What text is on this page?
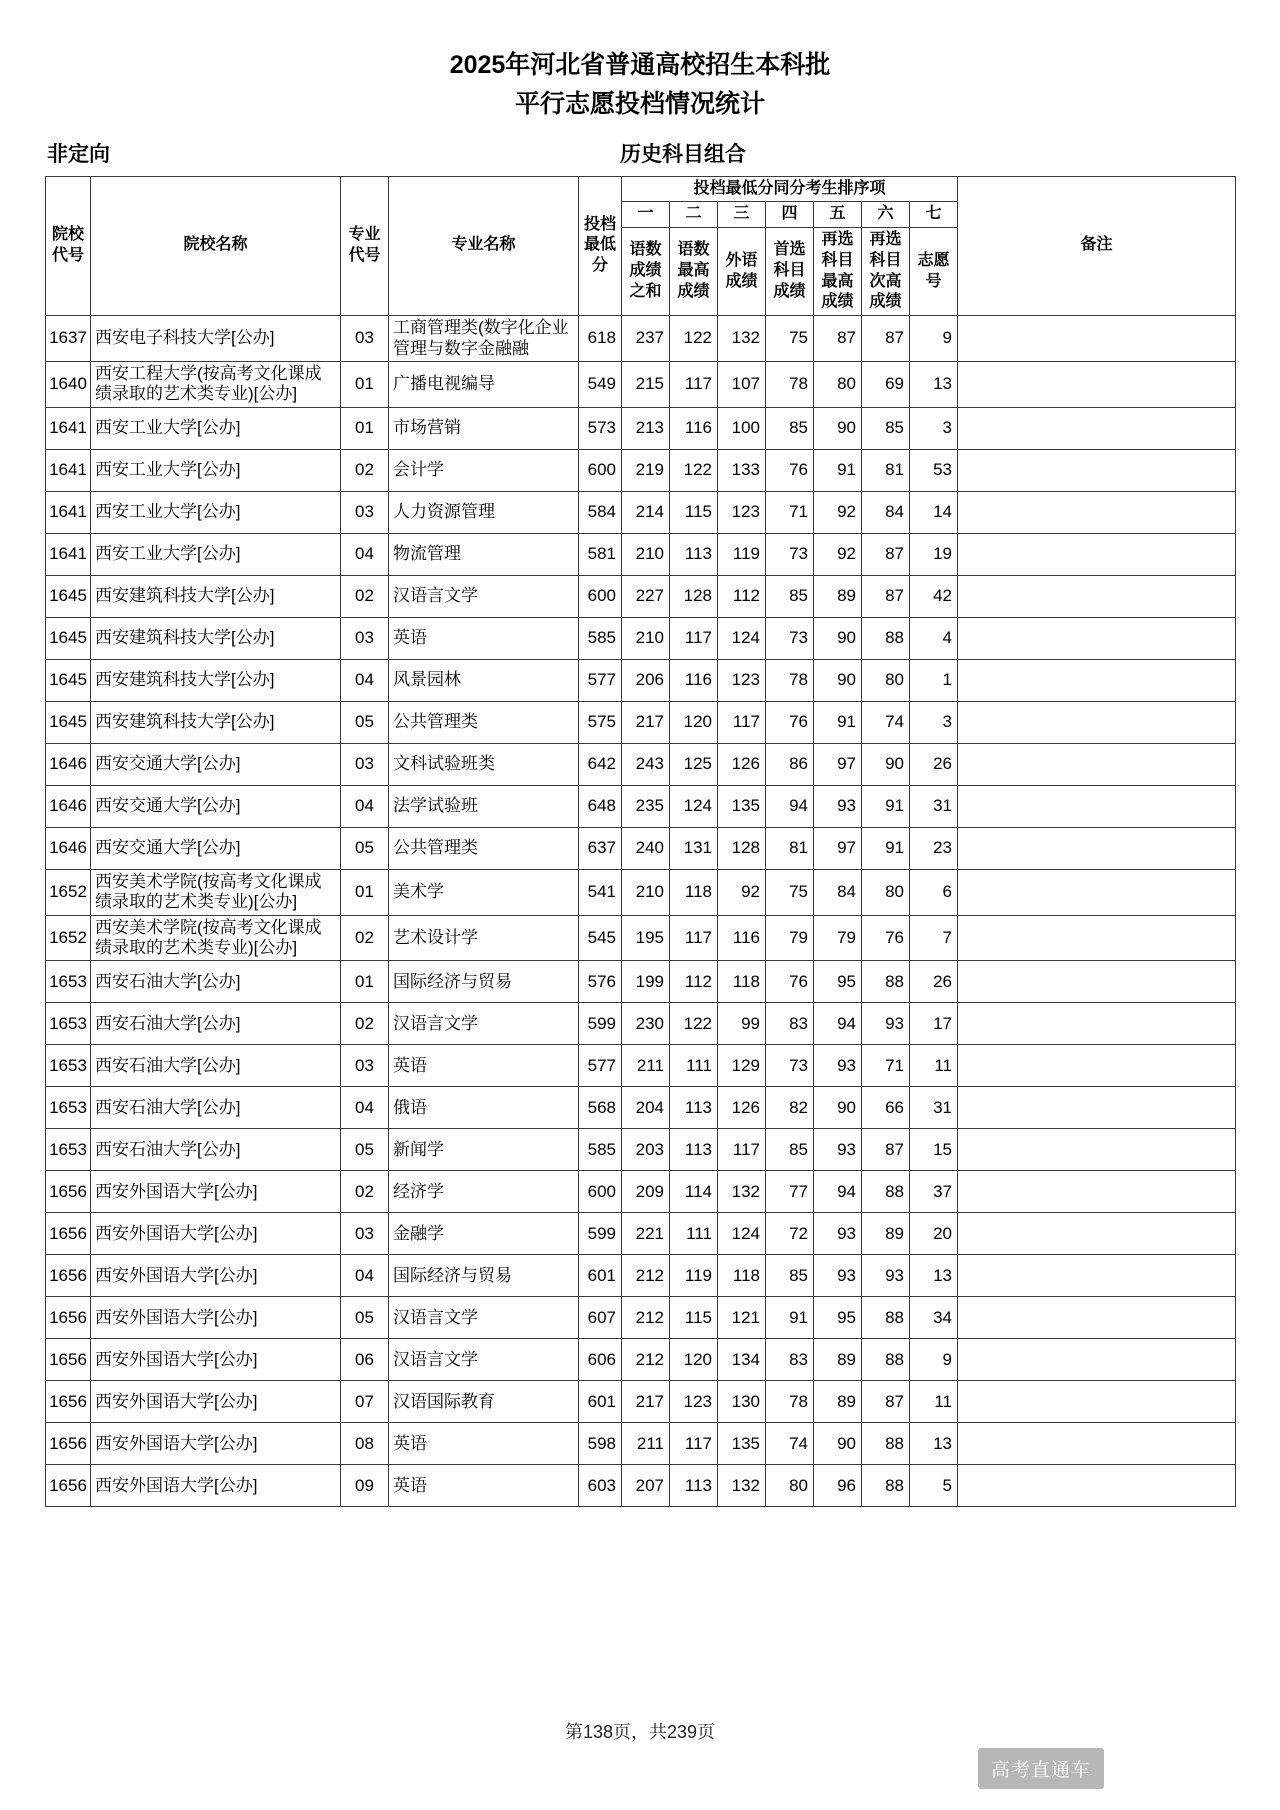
2025年河北省普通高校招生本科批
平行志愿投档情况统计
非定向	历史科目组合
院校代号	院校名称	专业代号	专业名称	投档最低分	投档最低分同分考生排序项							备注
					一	二	三	四	五	六	七	
					语数成绩之和	语数最高成绩	外语成绩	首选科目成绩	再选科目最高成绩	再选科目次高成绩	志愿号	
1637	西安电子科技大学[公办]	03	工商管理类(数字化企业管理与数字金融融	618	237	122	132	75	87	87	9	
1640	西安工程大学(按高考文化课成绩录取的艺术类专业)[公办]	01	广播电视编导	549	215	117	107	78	80	69	13	
1641	西安工业大学[公办]	01	市场营销	573	213	116	100	85	90	85	3	
1641	西安工业大学[公办]	02	会计学	600	219	122	133	76	91	81	53	
1641	西安工业大学[公办]	03	人力资源管理	584	214	115	123	71	92	84	14	
1641	西安工业大学[公办]	04	物流管理	581	210	113	119	73	92	87	19	
1645	西安建筑科技大学[公办]	02	汉语言文学	600	227	128	112	85	89	87	42	
1645	西安建筑科技大学[公办]	03	英语	585	210	117	124	73	90	88	4	
1645	西安建筑科技大学[公办]	04	风景园林	577	206	116	123	78	90	80	1	
1645	西安建筑科技大学[公办]	05	公共管理类	575	217	120	117	76	91	74	3	
1646	西安交通大学[公办]	03	文科试验班类	642	243	125	126	86	97	90	26	
1646	西安交通大学[公办]	04	法学试验班	648	235	124	135	94	93	91	31	
1646	西安交通大学[公办]	05	公共管理类	637	240	131	128	81	97	91	23	
1652	西安美术学院(按高考文化课成绩录取的艺术类专业)[公办]	01	美术学	541	210	118	92	75	84	80	6	
1652	西安美术学院(按高考文化课成绩录取的艺术类专业)[公办]	02	艺术设计学	545	195	117	116	79	79	76	7	
1653	西安石油大学[公办]	01	国际经济与贸易	576	199	112	118	76	95	88	26	
1653	西安石油大学[公办]	02	汉语言文学	599	230	122	99	83	94	93	17	
1653	西安石油大学[公办]	03	英语	577	211	111	129	73	93	71	11	
1653	西安石油大学[公办]	04	俄语	568	204	113	126	82	90	66	31	
1653	西安石油大学[公办]	05	新闻学	585	203	113	117	85	93	87	15	
1656	西安外国语大学[公办]	02	经济学	600	209	114	132	77	94	88	37	
1656	西安外国语大学[公办]	03	金融学	599	221	111	124	72	93	89	20	
1656	西安外国语大学[公办]	04	国际经济与贸易	601	212	119	118	85	93	93	13	
1656	西安外国语大学[公办]	05	汉语言文学	607	212	115	121	91	95	88	34	
1656	西安外国语大学[公办]	06	汉语言文学	606	212	120	134	83	89	88	9	
1656	西安外国语大学[公办]	07	汉语国际教育	601	217	123	130	78	89	87	11	
1656	西安外国语大学[公办]	08	英语	598	211	117	135	74	90	88	13	
1656	西安外国语大学[公办]	09	英语	603	207	113	132	80	96	88	5	
第138页，共239页
高考直通车
